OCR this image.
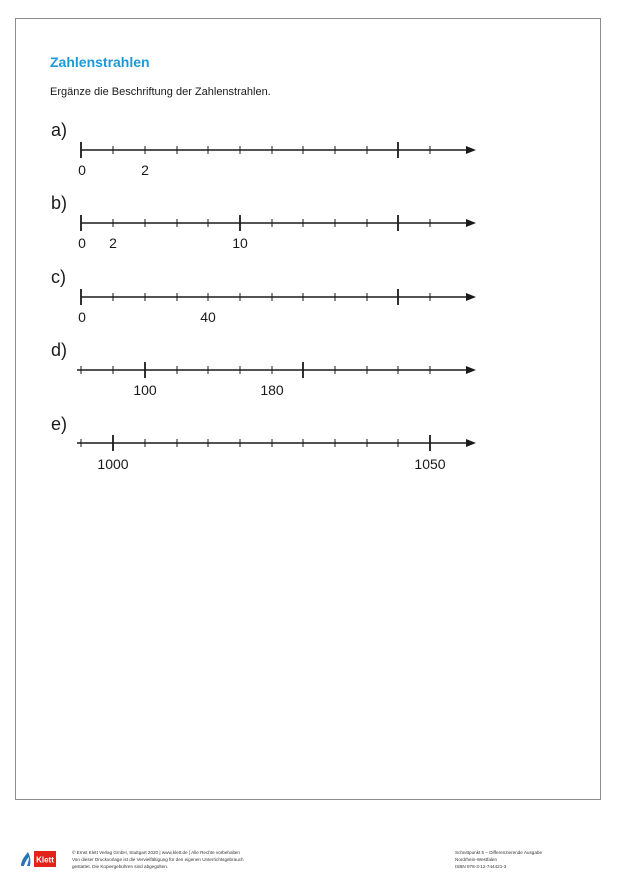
Zahlenstrahlen
Ergänze die Beschriftung der Zahlenstrahlen.
a)
b)
c)
d)
e)
0	2
0 2	10
0	40
100	180
1000	1050
Klett
© Ernst Klett Verlag GmbH, Stuttgart 2020 | www.klett.de | Alle Rechte vorbehalten
Von dieser Druckvorlage ist die Vervielfältigung für den eigenen Unterrichtsgebrauch
gestattet. Die Kopiergebühren sind abgegolten.
Schnittpunkt 5 – Differenzierende Ausgabe
Nordrhein-Westfalen
ISBN 978-3-12-744421-3
